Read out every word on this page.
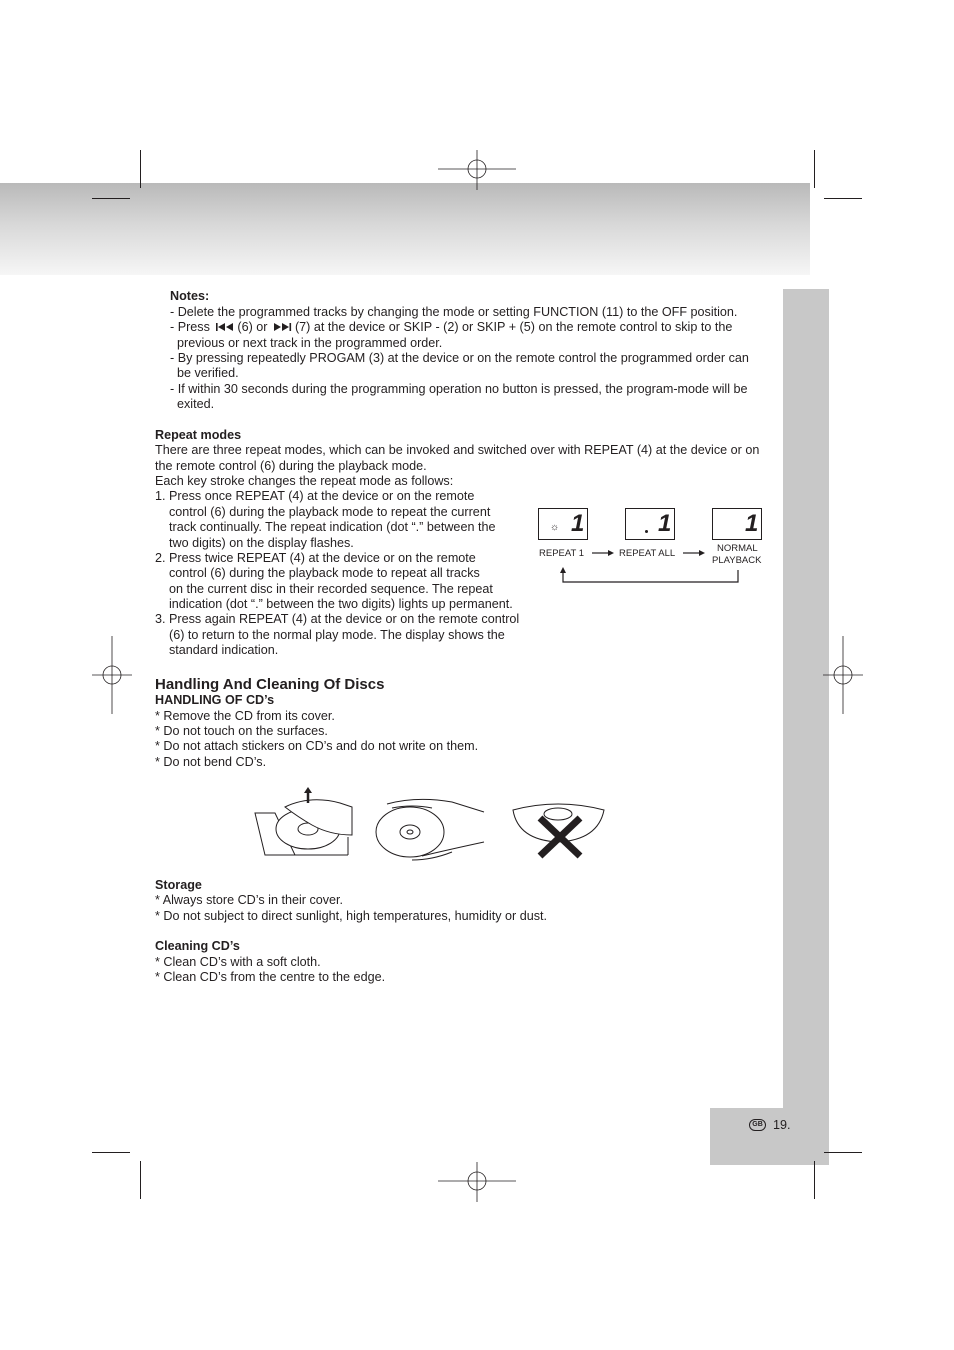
Notes:
- Delete the programmed tracks by changing the mode or setting FUNCTION (11) to the OFF position.
- Press (6) or (7) at the device or SKIP - (2) or SKIP + (5) on the remote control to skip to the
previous or next track in the programmed order.
- By pressing repeatedly PROGAM (3) at the device or on the remote control the programmed order can
be verified.
- If within 30 seconds during the programming operation no button is pressed, the program-mode will be
exited.
Repeat modes
There are three repeat modes, which can be invoked and switched over with REPEAT (4) at the device or on
the remote control (6) during the playback mode.
Each key stroke changes the repeat mode as follows:
1. Press once REPEAT (4) at the device or on the remote
control (6) during the playback mode to repeat the current
track continually. The repeat indication (dot “.” between the
two digits) on the display flashes.
2. Press twice REPEAT (4) at the device or on the remote
control (6) during the playback mode to repeat all tracks
on the current disc in their recorded sequence. The repeat
indication (dot “.” between the two digits) lights up permanent.
3. Press again REPEAT (4) at the device or on the remote control
(6) to return to the normal play mode. The display shows the
standard indication.
☼ 1	1	1
REPEAT 1	REPEAT ALL	NORMAL
PLAYBACK
Handling And Cleaning Of Discs
HANDLING OF CD’s
* Remove the CD from its cover.
* Do not touch on the surfaces.
* Do not attach stickers on CD’s and do not write on them.
* Do not bend CD’s.
Storage
* Always store CD’s in their cover.
* Do not subject to direct sunlight, high temperatures, humidity or dust.
Cleaning CD’s
* Clean CD’s with a soft cloth.
* Clean CD’s from the centre to the edge.
GB 19.
